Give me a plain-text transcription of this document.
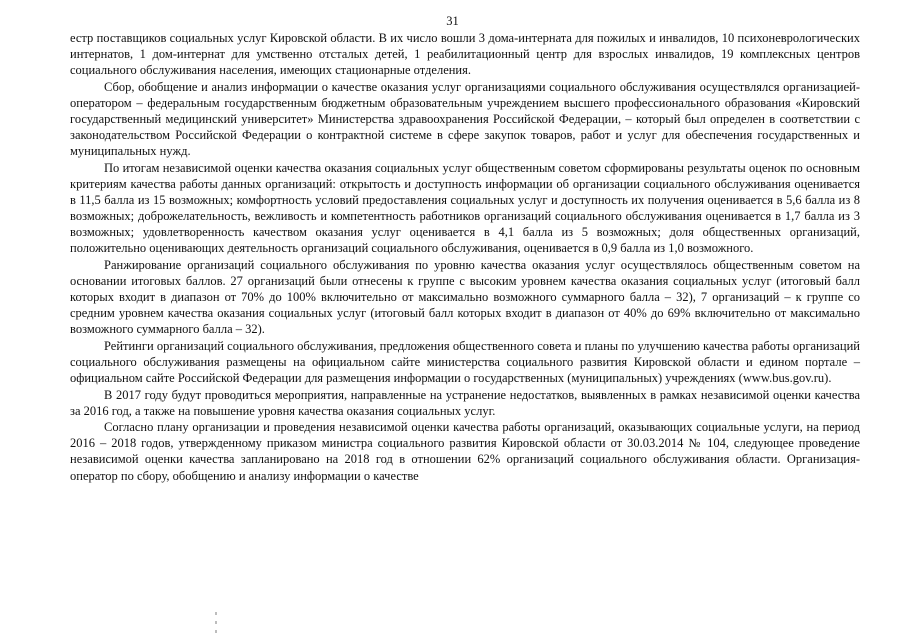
31

естр поставщиков социальных услуг Кировской области. В их число вошли 3 дома-интерната для пожилых и инвалидов, 10 психоневрологических интернатов, 1 дом-интернат для умственно отсталых детей, 1 реабилитационный центр для взрослых инвалидов, 19 комплексных центров социального обслуживания населения, имеющих стационарные отделения.

Сбор, обобщение и анализ информации о качестве оказания услуг организациями социального обслуживания осуществлялся организацией-оператором – федеральным государственным бюджетным образовательным учреждением высшего профессионального образования «Кировский государственный медицинский университет» Министерства здравоохранения Российской Федерации, – который был определен в соответствии с законодательством Российской Федерации о контрактной системе в сфере закупок товаров, работ и услуг для обеспечения государственных и муниципальных нужд.

По итогам независимой оценки качества оказания социальных услуг общественным советом сформированы результаты оценок по основным критериям качества работы данных организаций: открытость и доступность информации об организации социального обслуживания оценивается в 11,5 балла из 15 возможных; комфортность условий предоставления социальных услуг и доступность их получения оценивается в 5,6 балла из 8 возможных; доброжелательность, вежливость и компетентность работников организаций социального обслуживания оценивается в 1,7 балла из 3 возможных; удовлетворенность качеством оказания услуг оценивается в 4,1 балла из 5 возможных; доля общественных организаций, положительно оценивающих деятельность организаций социального обслуживания, оценивается в 0,9 балла из 1,0 возможного.

Ранжирование организаций социального обслуживания по уровню качества оказания услуг осуществлялось общественным советом на основании итоговых баллов. 27 организаций были отнесены к группе с высоким уровнем качества оказания социальных услуг (итоговый балл которых входит в диапазон от 70% до 100% включительно от максимально возможного суммарного балла – 32), 7 организаций – к группе со средним уровнем качества оказания социальных услуг (итоговый балл которых входит в диапазон от 40% до 69% включительно от максимально возможного суммарного балла – 32).

Рейтинги организаций социального обслуживания, предложения общественного совета и планы по улучшению качества работы организаций социального обслуживания размещены на официальном сайте министерства социального развития Кировской области и едином портале – официальном сайте Российской Федерации для размещения информации о государственных (муниципальных) учреждениях (www.bus.gov.ru).

В 2017 году будут проводиться мероприятия, направленные на устранение недостатков, выявленных в рамках независимой оценки качества за 2016 год, а также на повышение уровня качества оказания социальных услуг.

Согласно плану организации и проведения независимой оценки качества работы организаций, оказывающих социальные услуги, на период 2016 – 2018 годов, утвержденному приказом министра социального развития Кировской области от 30.03.2014 № 104, следующее проведение независимой оценки качества запланировано на 2018 год в отношении 62% организаций социального обслуживания области. Организация-оператор по сбору, обобщению и анализу информации о качестве
